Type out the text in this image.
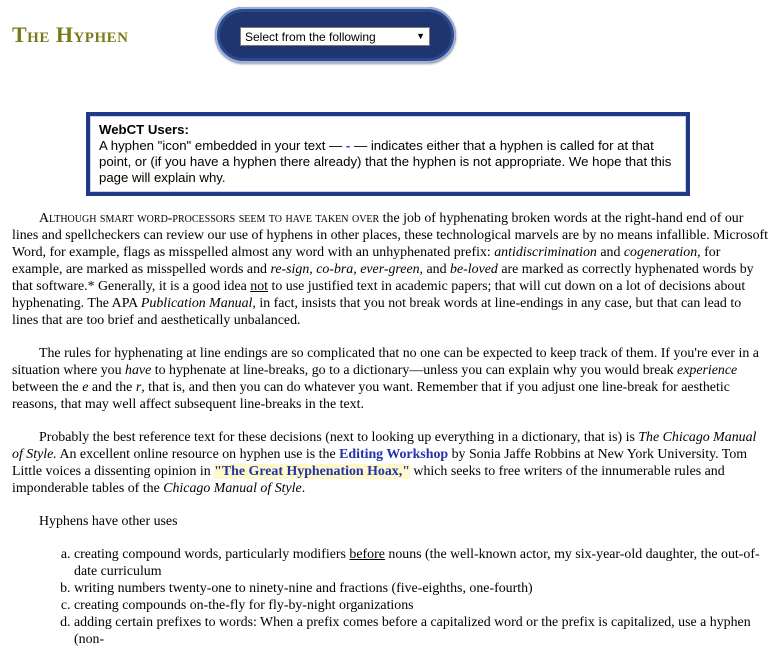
The Hyphen	Select from the following	▼
WebCT Users:
A hyphen "icon" embedded in your text — - — indicates either that a hyphen is called for at that point, or (if you have a hyphen there already) that the hyphen is not appropriate. We hope that this page will explain why.

Although smart word-processors seem to have taken over the job of hyphenating broken words at the right-hand end of our lines and spellcheckers can review our use of hyphens in other places, these technological marvels are by no means infallible. Microsoft Word, for example, flags as misspelled almost any word with an unhyphenated prefix: antidiscrimination and cogeneration, for example, are marked as misspelled words and re-sign, co-bra, ever-green, and be-loved are marked as correctly hyphenated words by that software.* Generally, it is a good idea not to use justified text in academic papers; that will cut down on a lot of decisions about hyphenating. The APA Publication Manual, in fact, insists that you not break words at line-endings in any case, but that can lead to lines that are too brief and aesthetically unbalanced.

The rules for hyphenating at line endings are so complicated that no one can be expected to keep track of them. If you're ever in a situation where you have to hyphenate at line-breaks, go to a dictionary—unless you can explain why you would break experience between the e and the r, that is, and then you can do whatever you want. Remember that if you adjust one line-break for aesthetic reasons, that may well affect subsequent line-breaks in the text.

Probably the best reference text for these decisions (next to looking up everything in a dictionary, that is) is The Chicago Manual of Style. An excellent online resource on hyphen use is the Editing Workshop by Sonia Jaffe Robbins at New York University. Tom Little voices a dissenting opinion in "The Great Hyphenation Hoax," which seeks to free writers of the innumerable rules and imponderable tables of the Chicago Manual of Style.

Hyphens have other uses

a. creating compound words, particularly modifiers before nouns (the well-known actor, my six-year-old daughter, the out-of-date curriculum
b. writing numbers twenty-one to ninety-nine and fractions (five-eighths, one-fourth)
c. creating compounds on-the-fly for fly-by-night organizations
d. adding certain prefixes to words: When a prefix comes before a capitalized word or the prefix is capitalized, use a hyphen (non-
